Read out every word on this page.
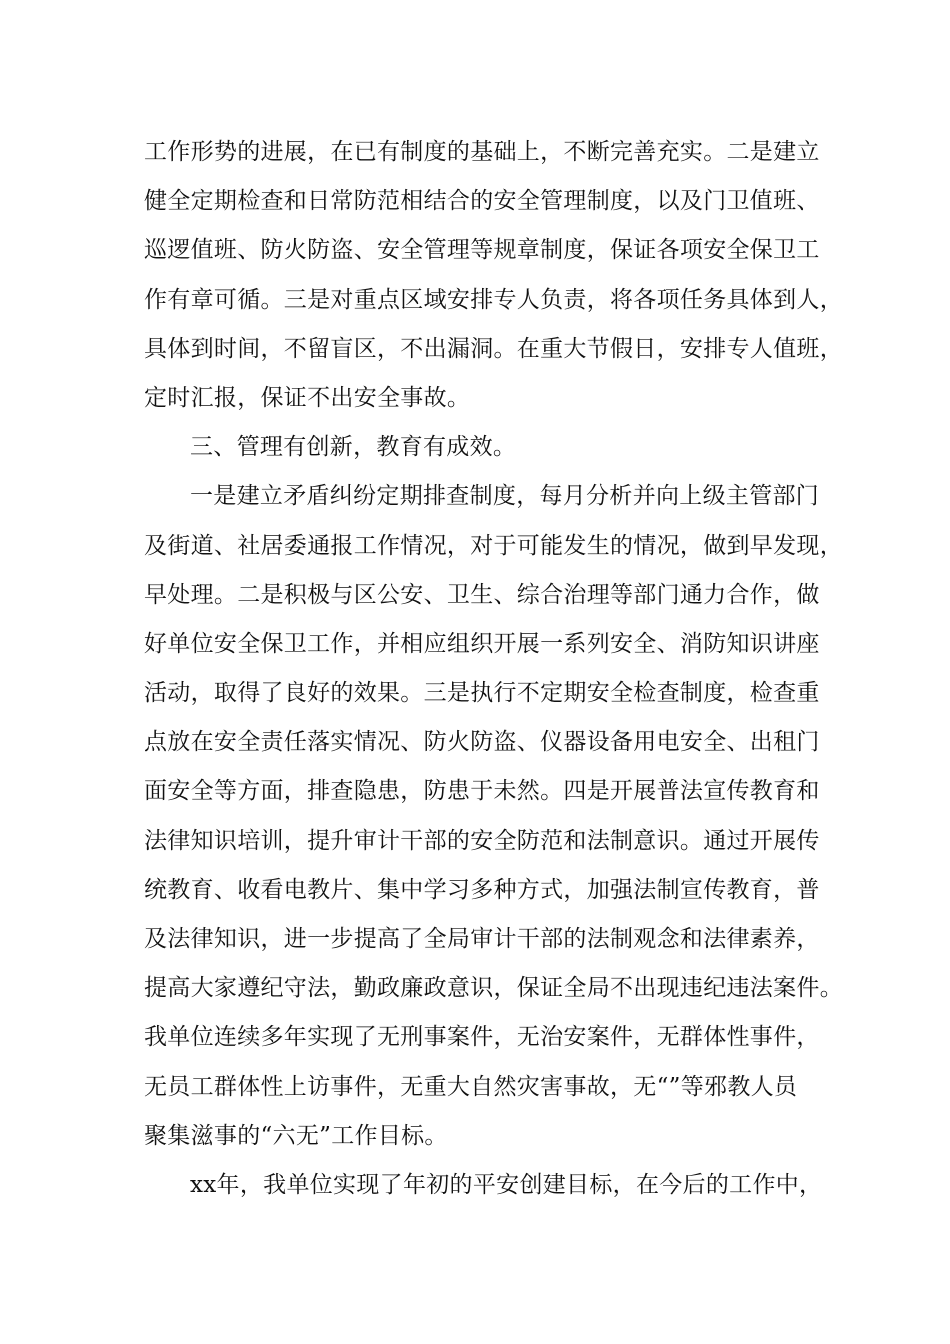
工作形势的进展，在已有制度的基础上，不断完善充实。二是建立
健全定期检查和日常防范相结合的安全管理制度，以及门卫值班、
巡逻值班、防火防盗、安全管理等规章制度，保证各项安全保卫工
作有章可循。三是对重点区域安排专人负责，将各项任务具体到人，
具体到时间，不留盲区，不出漏洞。在重大节假日，安排专人值班，
定时汇报，保证不出安全事故。
三、管理有创新，教育有成效。
一是建立矛盾纠纷定期排查制度，每月分析并向上级主管部门
及街道、社居委通报工作情况，对于可能发生的情况，做到早发现，
早处理。二是积极与区公安、卫生、综合治理等部门通力合作，做
好单位安全保卫工作，并相应组织开展一系列安全、消防知识讲座
活动，取得了良好的效果。三是执行不定期安全检查制度，检查重
点放在安全责任落实情况、防火防盗、仪器设备用电安全、出租门
面安全等方面，排查隐患，防患于未然。四是开展普法宣传教育和
法律知识培训，提升审计干部的安全防范和法制意识。通过开展传
统教育、收看电教片、集中学习多种方式，加强法制宣传教育，普
及法律知识，进一步提高了全局审计干部的法制观念和法律素养，
提高大家遵纪守法，勤政廉政意识，保证全局不出现违纪违法案件。
我单位连续多年实现了无刑事案件，无治安案件，无群体性事件，
无员工群体性上访事件，无重大自然灾害事故，无“”等邪教人员
聚集滋事的“六无”工作目标。
xx年，我单位实现了年初的平安创建目标，在今后的工作中，
